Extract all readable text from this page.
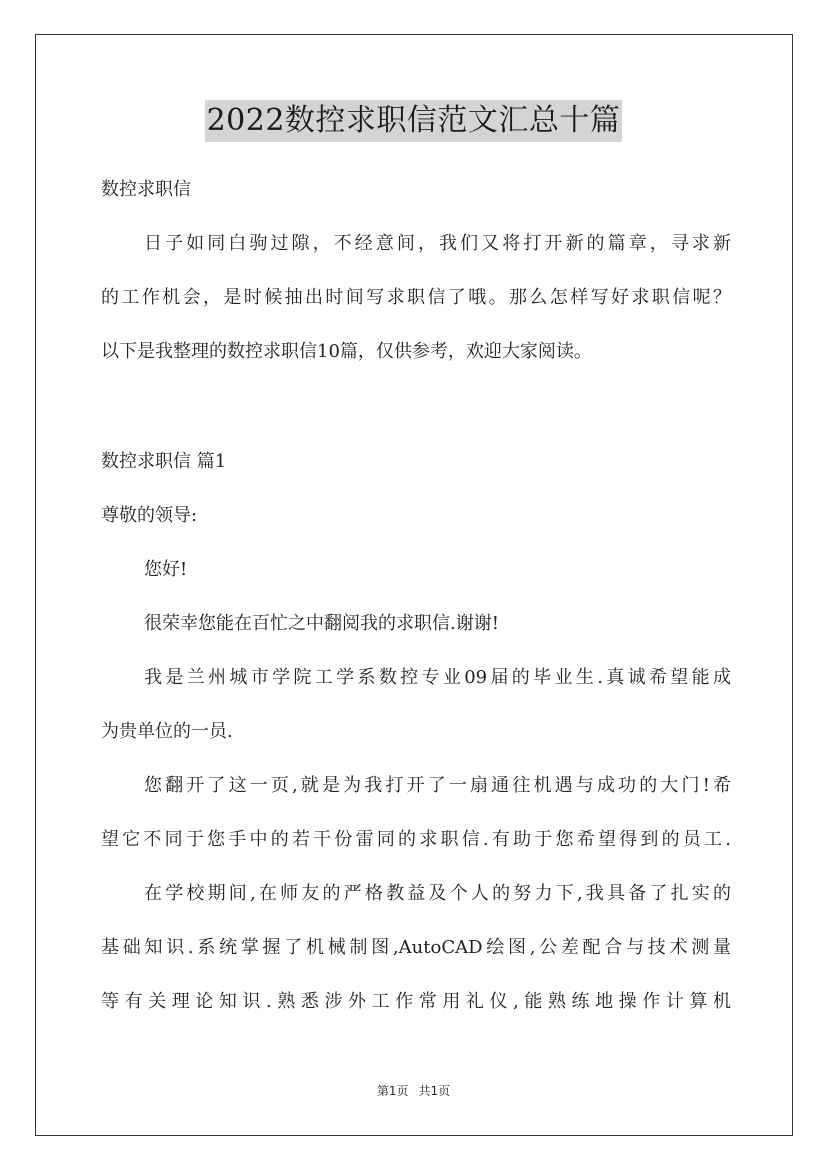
2022数控求职信范文汇总十篇
数控求职信
日子如同白驹过隙，不经意间，我们又将打开新的篇章，寻求新
的工作机会，是时候抽出时间写求职信了哦。那么怎样写好求职信呢？
以下是我整理的数控求职信10篇，仅供参考，欢迎大家阅读。
数控求职信 篇1
尊敬的领导:
您好!
很荣幸您能在百忙之中翻阅我的求职信.谢谢!
我是兰州城市学院工学系数控专业09届的毕业生.真诚希望能成
为贵单位的一员.
您翻开了这一页,就是为我打开了一扇通往机遇与成功的大门!希
望它不同于您手中的若干份雷同的求职信.有助于您希望得到的员工.
在学校期间,在师友的严格教益及个人的努力下,我具备了扎实的
基础知识.系统掌握了机械制图,AutoCAD绘图,公差配合与技术测量
等有关理论知识.熟悉涉外工作常用礼仪,能熟练地操作计算机
第1页 共1页
